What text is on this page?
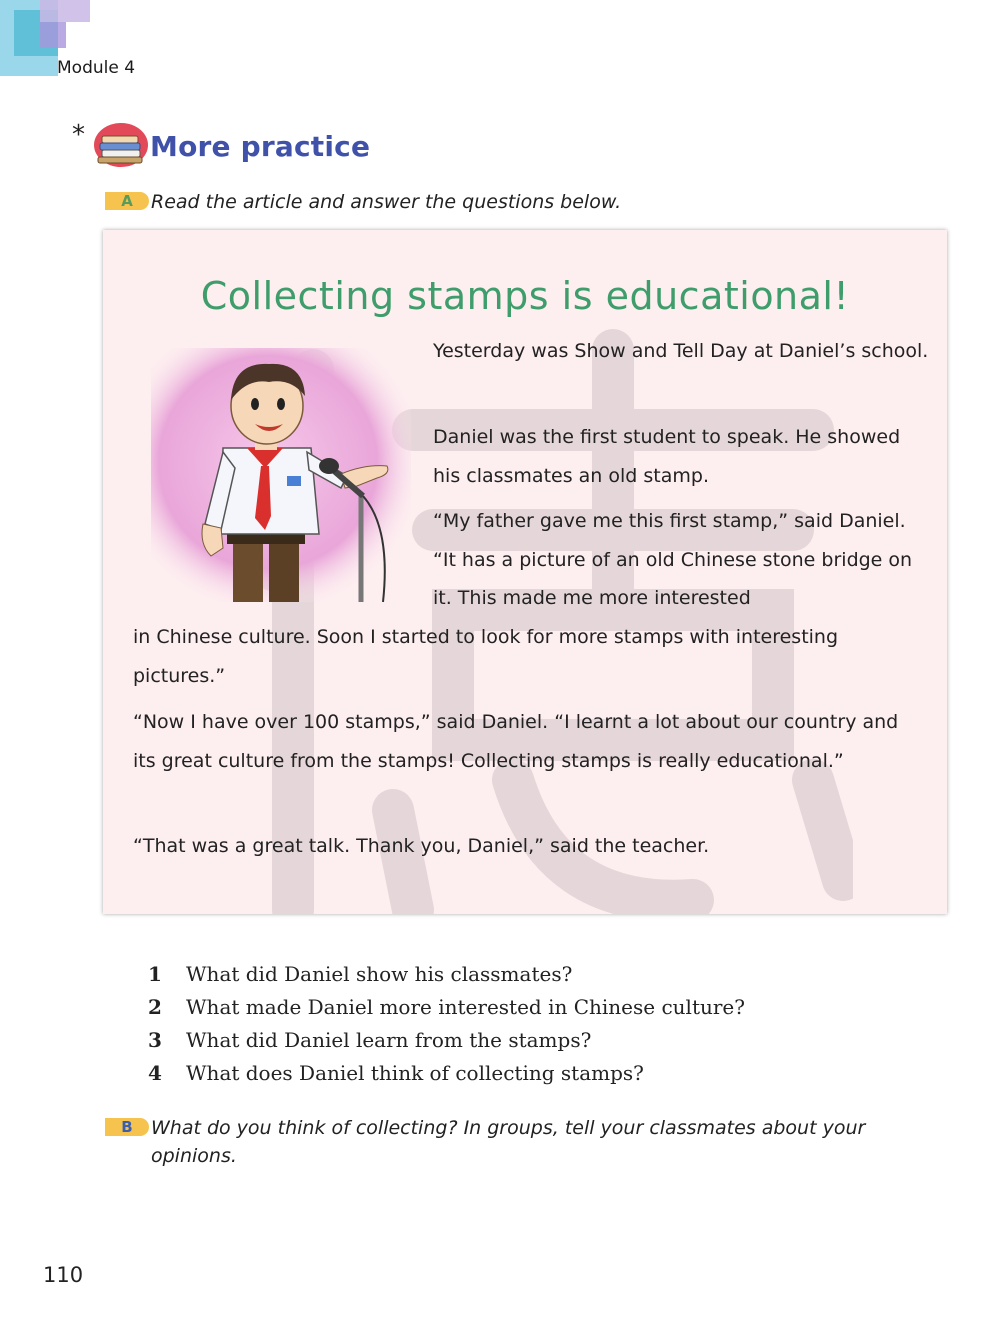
Module 4
* More practice
A Read the article and answer the questions below.
Collecting stamps is educational!

Yesterday was Show and Tell Day at Daniel’s school.

Daniel was the first student to speak. He showed his classmates an old stamp.

“My father gave me this first stamp,” said Daniel. “It has a picture of an old Chinese stone bridge on it. This made me more interested

in Chinese culture. Soon I started to look for more stamps with interesting pictures.”

“Now I have over 100 stamps,” said Daniel. “I learnt a lot about our country and its great culture from the stamps! Collecting stamps is really educational.”

“That was a great talk. Thank you, Daniel,” said the teacher.

1	What did Daniel show his classmates?
2	What made Daniel more interested in Chinese culture?
3	What did Daniel learn from the stamps?
4	What does Daniel think of collecting stamps?
B What do you think of collecting? In groups, tell your classmates about your opinions.
110
